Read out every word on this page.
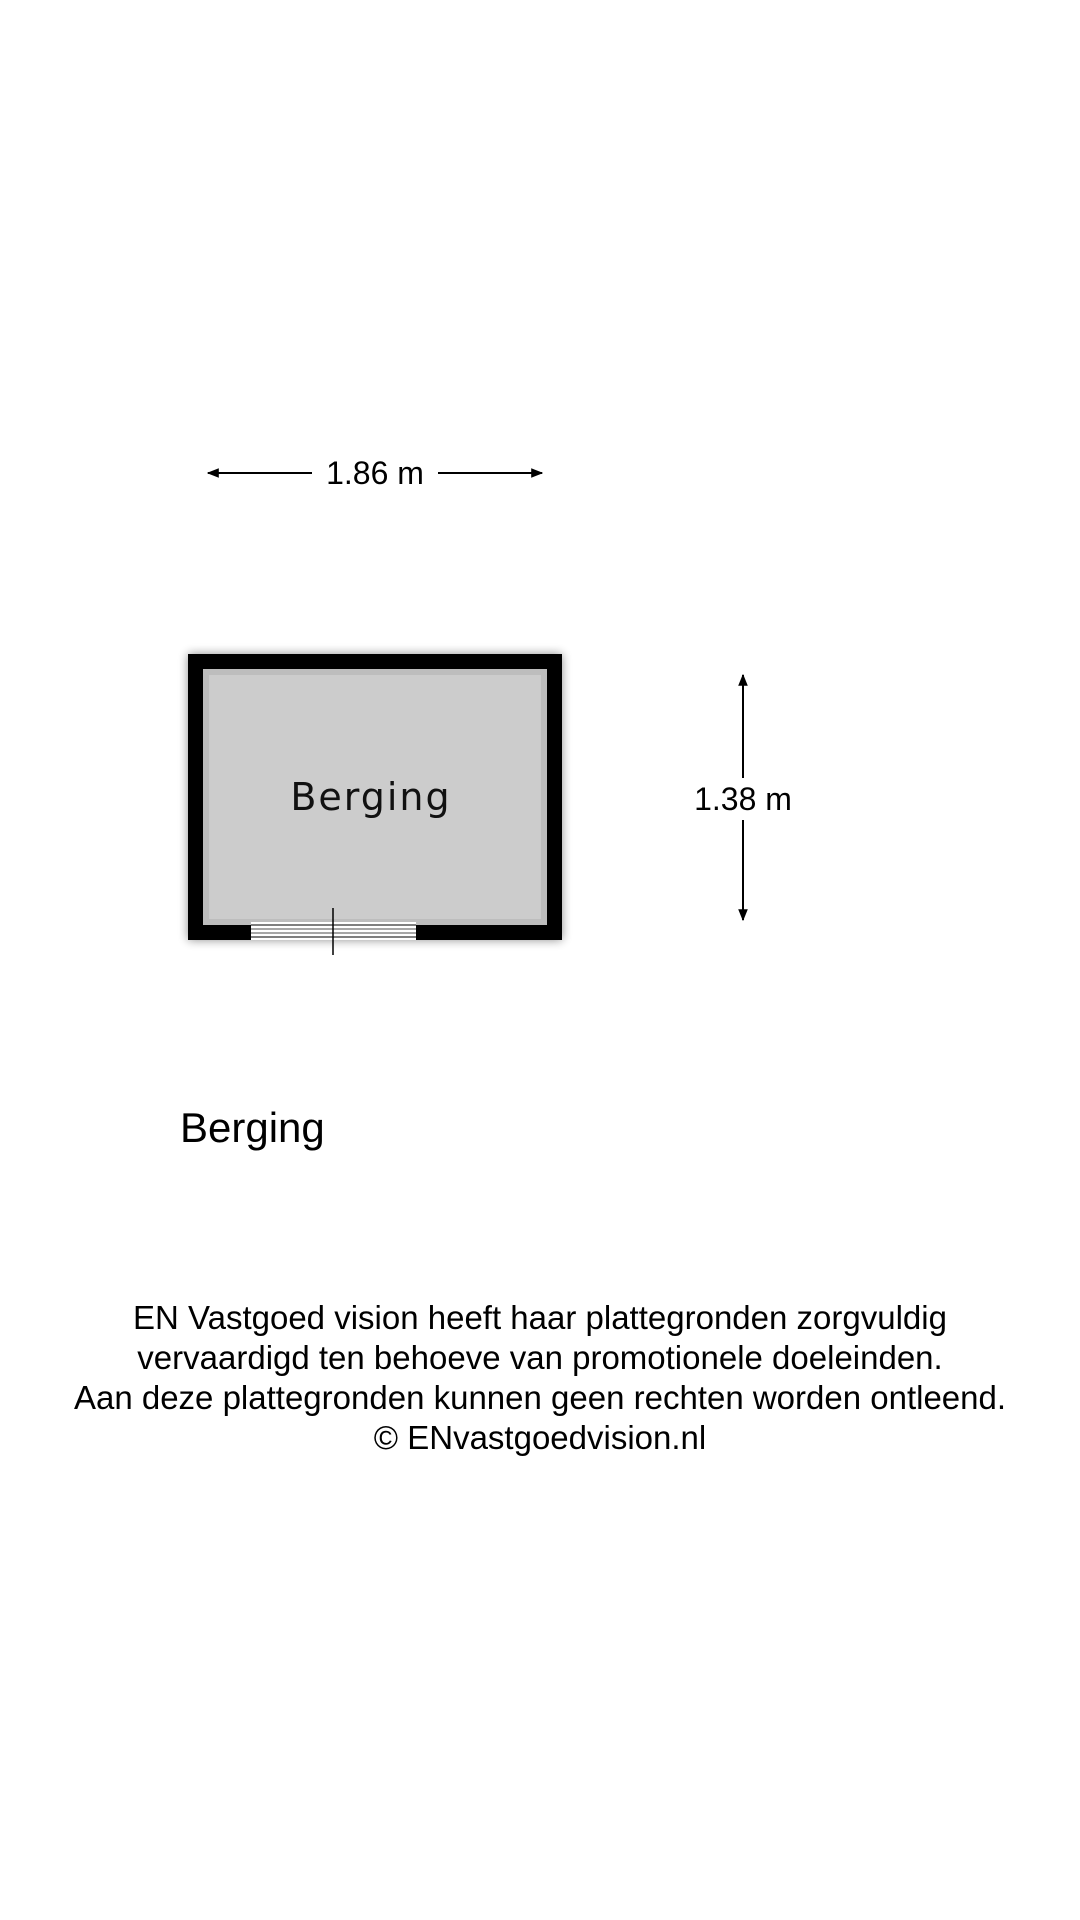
1.86 m
Berging	1.38 m
Berging
EN Vastgoed vision heeft haar plattegronden zorgvuldig
vervaardigd ten behoeve van promotionele doeleinden.
Aan deze plattegronden kunnen geen rechten worden ontleend.
© ENvastgoedvision.nl
